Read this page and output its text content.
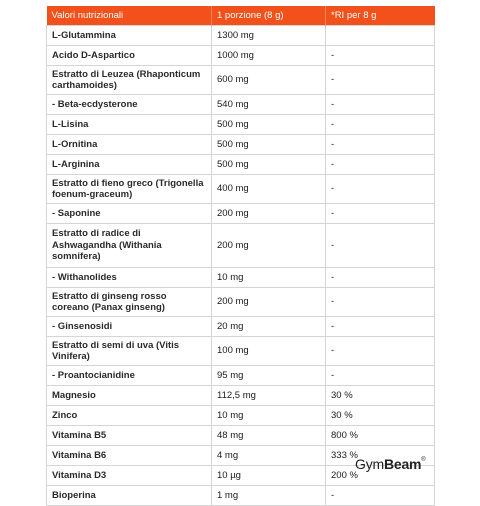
Valori nutrizionali	1 porzione (8 g)	*RI per 8 g
L-Glutammina	1300 mg	
Acido D-Aspartico	1000 mg	-
Estratto di Leuzea (Rhaponticum carthamoides)	600 mg	-
- Beta-ecdysterone	540 mg	-
L-Lisina	500 mg	-
L-Ornitina	500 mg	-
L-Arginina	500 mg	-
Estratto di fieno greco (Trigonella foenum-graceum)	400 mg	-
- Saponine	200 mg	-
Estratto di radice di Ashwagandha (Withania somnifera)	200 mg	-
- Withanolides	10 mg	-
Estratto di ginseng rosso coreano (Panax ginseng)	200 mg	-
- Ginsenosidi	20 mg	-
Estratto di semi di uva (Vitis Vinifera)	100 mg	-
- Proantocianidine	95 mg	-
Magnesio	112,5 mg	30 %
Zinco	10 mg	30 %
Vitamina B5	48 mg	800 %
Vitamina B6	4 mg	333 %
Vitamina D3	10 µg	200 %
Bioperina	1 mg	-
GymBeam®
